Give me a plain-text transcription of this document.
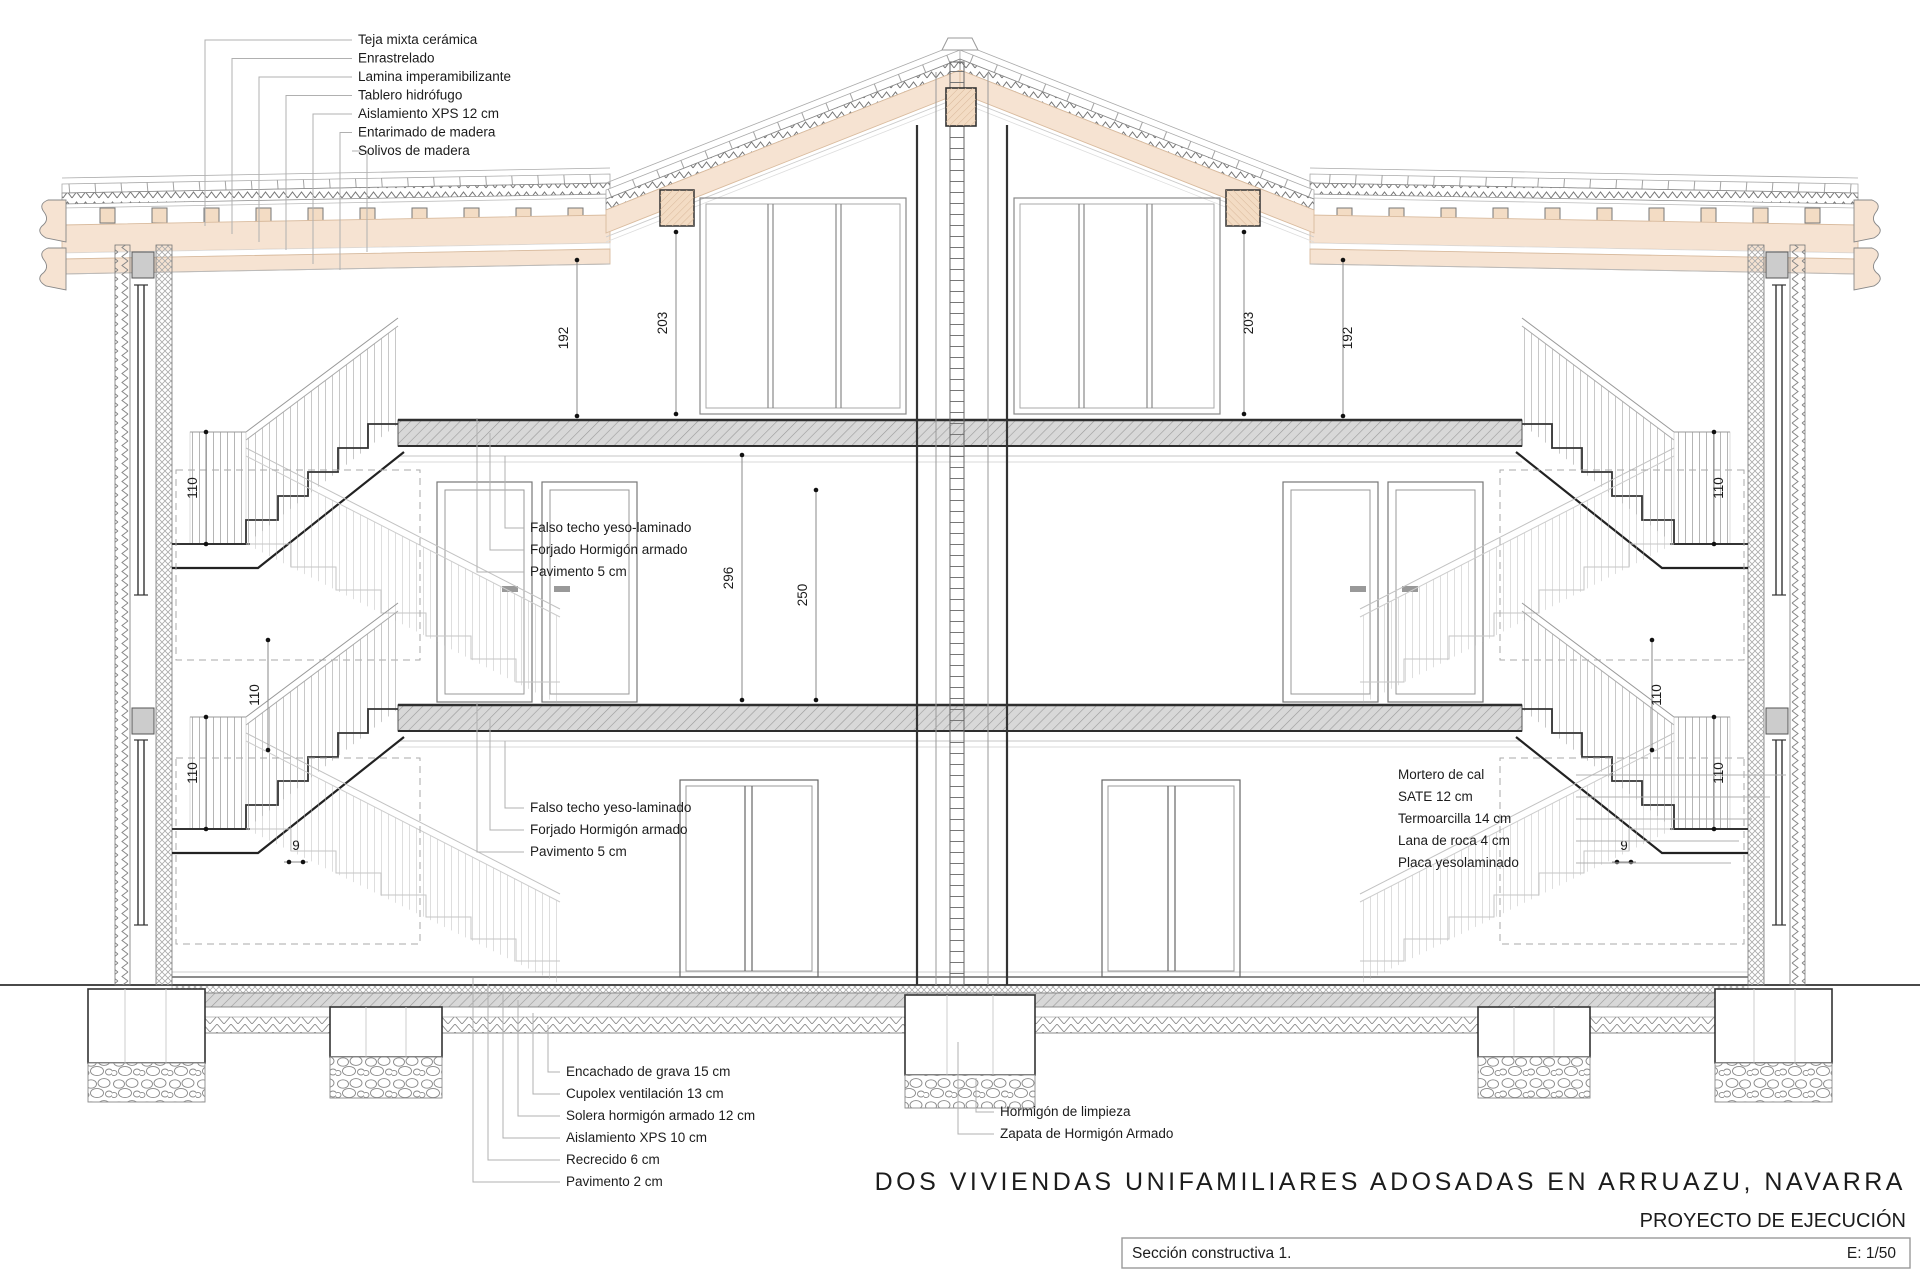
192
203	203
192
296
250
110
110
110
110
110
110
9	9
Teja mixta cerámica
Enrastrelado
Lamina imperamibilizante
Tablero hidrófugo
Aislamiento XPS 12 cm
Entarimado de madera
Solivos de madera
Falso techo yeso-laminado
Forjado Hormigón armado
Pavimento 5 cm
Falso techo yeso-laminado
Forjado Hormigón armado
Pavimento 5 cm
Mortero de cal
SATE 12 cm
Termoarcilla 14 cm
Lana de roca 4 cm
Placa yesolaminado
Encachado de grava 15 cm
Cupolex ventilación 13 cm
Solera hormigón armado 12 cm
Aislamiento XPS 10 cm
Recrecido 6 cm
Pavimento 2 cm
Hormigón de limpieza
Zapata de Hormigón Armado
DOS VIVIENDAS UNIFAMILIARES ADOSADAS EN ARRUAZU, NAVARRA
PROYECTO DE EJECUCIÓN
Sección constructiva 1.	E: 1/50
